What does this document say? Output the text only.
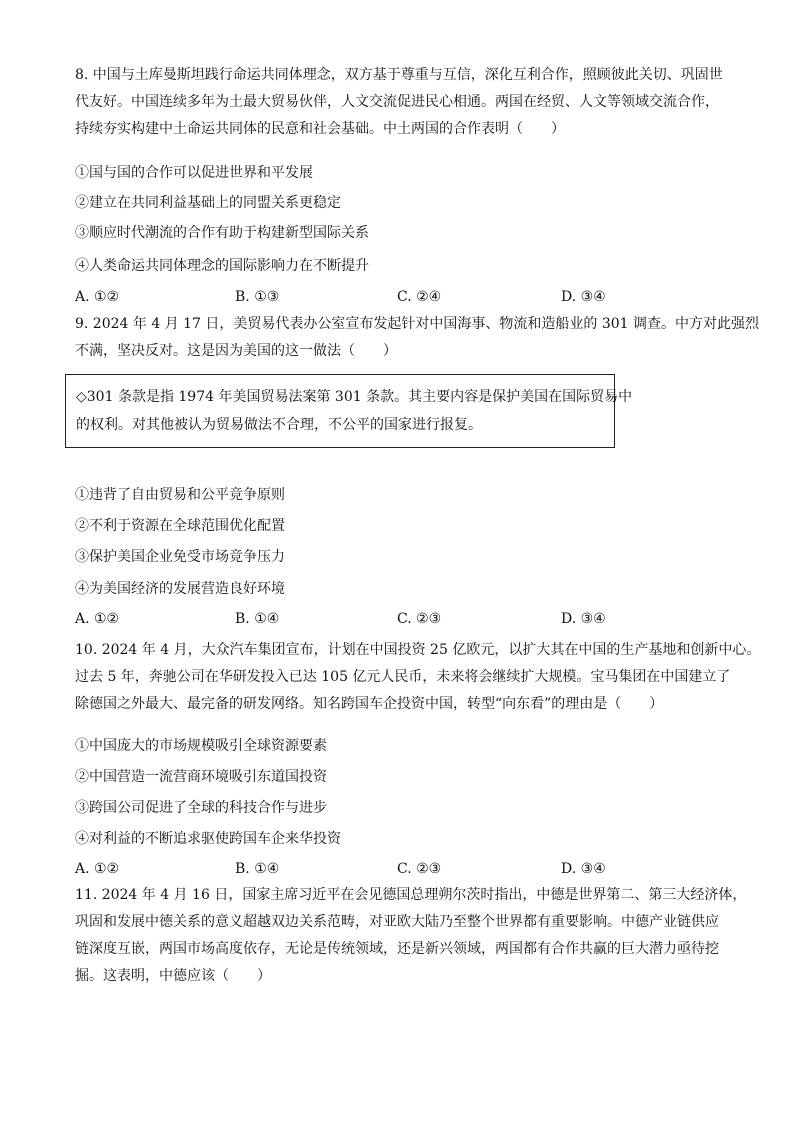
8. 中国与土库曼斯坦践行命运共同体理念，双方基于尊重与互信，深化互利合作，照顾彼此关切、巩固世
代友好。中国连续多年为土最大贸易伙伴，人文交流促进民心相通。两国在经贸、人文等领域交流合作，
持续夯实构建中土命运共同体的民意和社会基础。中土两国的合作表明（　　）
①国与国的合作可以促进世界和平发展
②建立在共同利益基础上的同盟关系更稳定
③顺应时代潮流的合作有助于构建新型国际关系
④人类命运共同体理念的国际影响力在不断提升
A. ①②	B. ①③	C. ②④	D. ③④
9. 2024 年 4 月 17 日，美贸易代表办公室宣布发起针对中国海事、物流和造船业的 301 调查。中方对此强烈
不满，坚决反对。这是因为美国的这一做法（　　）
◇301 条款是指 1974 年美国贸易法案第 301 条款。其主要内容是保护美国在国际贸易中
的权利。对其他被认为贸易做法不合理，不公平的国家进行报复。
①违背了自由贸易和公平竞争原则
②不利于资源在全球范围优化配置
③保护美国企业免受市场竞争压力
④为美国经济的发展营造良好环境
A. ①②	B. ①④	C. ②③	D. ③④
10. 2024 年 4 月，大众汽车集团宣布，计划在中国投资 25 亿欧元，以扩大其在中国的生产基地和创新中心。
过去 5 年，奔驰公司在华研发投入已达 105 亿元人民币，未来将会继续扩大规模。宝马集团在中国建立了
除德国之外最大、最完备的研发网络。知名跨国车企投资中国，转型“向东看”的理由是（　　）
①中国庞大的市场规模吸引全球资源要素
②中国营造一流营商环境吸引东道国投资
③跨国公司促进了全球的科技合作与进步
④对利益的不断追求驱使跨国车企来华投资
A. ①②	B. ①④	C. ②③	D. ③④
11. 2024 年 4 月 16 日，国家主席习近平在会见德国总理朔尔茨时指出，中德是世界第二、第三大经济体，
巩固和发展中德关系的意义超越双边关系范畴，对亚欧大陆乃至整个世界都有重要影响。中德产业链供应
链深度互嵌，两国市场高度依存，无论是传统领域，还是新兴领域，两国都有合作共赢的巨大潜力亟待挖
掘。这表明，中德应该（　　）
